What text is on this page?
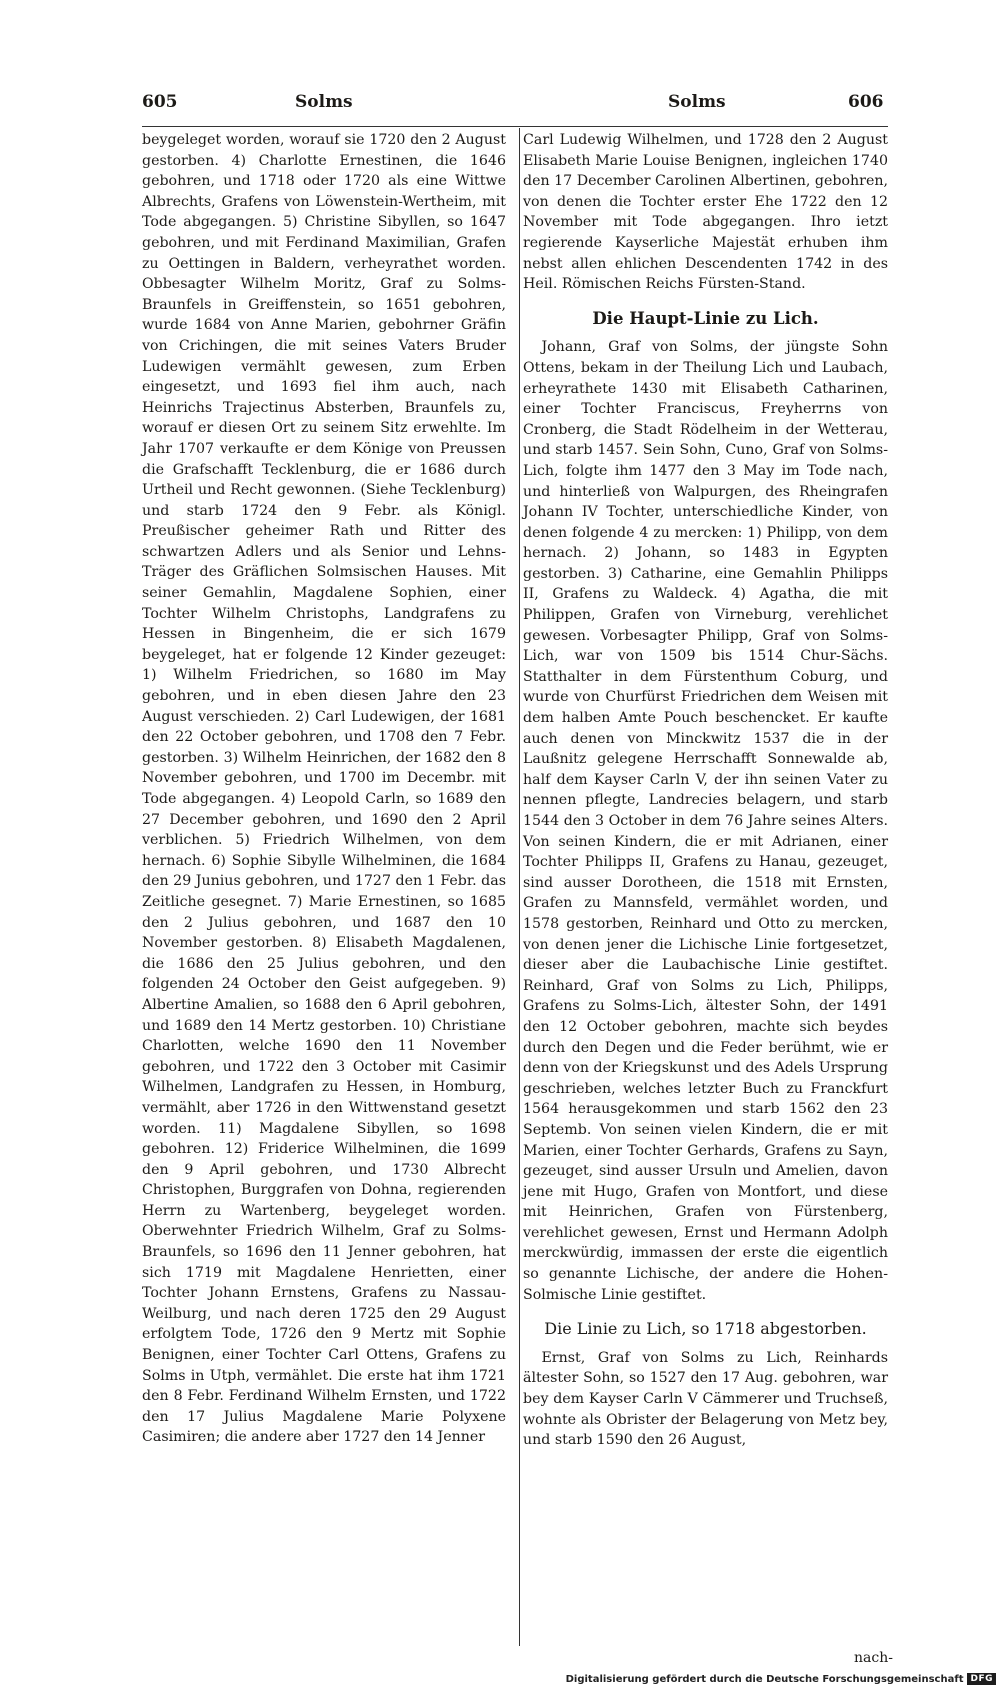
605	Solms	Solms	606

beygeleget worden, worauf sie 1720 den 2 August gestorben. 4) Charlotte Ernestinen, die 1646 gebohren, und 1718 oder 1720 als eine Wittwe Albrechts, Grafens von Löwenstein-Wertheim, mit Tode abgegangen. 5) Christine Sibyllen, so 1647 gebohren, und mit Ferdinand Maximilian, Grafen zu Oettingen in Baldern, verheyrathet worden. Obbesagter Wilhelm Moritz, Graf zu Solms-Braunfels in Greiffenstein, so 1651 gebohren, wurde 1684 von Anne Marien, gebohrner Gräfin von Crichingen, die mit seines Vaters Bruder Ludewigen vermählt gewesen, zum Erben eingesetzt, und 1693 fiel ihm auch, nach Heinrichs Trajectinus Absterben, Braunfels zu, worauf er diesen Ort zu seinem Sitz erwehlte. Im Jahr 1707 verkaufte er dem Könige von Preussen die Grafschafft Tecklenburg, die er 1686 durch Urtheil und Recht gewonnen. (Siehe Tecklenburg) und starb 1724 den 9 Febr. als Königl. Preußischer geheimer Rath und Ritter des schwartzen Adlers und als Senior und Lehns-Träger des Gräflichen Solmsischen Hauses. Mit seiner Gemahlin, Magdalene Sophien, einer Tochter Wilhelm Christophs, Landgrafens zu Hessen in Bingenheim, die er sich 1679 beygeleget, hat er folgende 12 Kinder gezeuget: 1) Wilhelm Friedrichen, so 1680 im May gebohren, und in eben diesen Jahre den 23 August verschieden. 2) Carl Ludewigen, der 1681 den 22 October gebohren, und 1708 den 7 Febr. gestorben. 3) Wilhelm Heinrichen, der 1682 den 8 November gebohren, und 1700 im Decembr. mit Tode abgegangen. 4) Leopold Carln, so 1689 den 27 December gebohren, und 1690 den 2 April verblichen. 5) Friedrich Wilhelmen, von dem hernach. 6) Sophie Sibylle Wilhelminen, die 1684 den 29 Junius gebohren, und 1727 den 1 Febr. das Zeitliche gesegnet. 7) Marie Ernestinen, so 1685 den 2 Julius gebohren, und 1687 den 10 November gestorben. 8) Elisabeth Magdalenen, die 1686 den 25 Julius gebohren, und den folgenden 24 October den Geist aufgegeben. 9) Albertine Amalien, so 1688 den 6 April gebohren, und 1689 den 14 Mertz gestorben. 10) Christiane Charlotten, welche 1690 den 11 November gebohren, und 1722 den 3 October mit Casimir Wilhelmen, Landgrafen zu Hessen, in Homburg, vermählt, aber 1726 in den Wittwenstand gesetzt worden. 11) Magdalene Sibyllen, so 1698 gebohren. 12) Friderice Wilhelminen, die 1699 den 9 April gebohren, und 1730 Albrecht Christophen, Burggrafen von Dohna, regierenden Herrn zu Wartenberg, beygeleget worden. Oberwehnter Friedrich Wilhelm, Graf zu Solms-Braunfels, so 1696 den 11 Jenner gebohren, hat sich 1719 mit Magdalene Henrietten, einer Tochter Johann Ernstens, Grafens zu Nassau-Weilburg, und nach deren 1725 den 29 August erfolgtem Tode, 1726 den 9 Mertz mit Sophie Benignen, einer Tochter Carl Ottens, Grafens zu Solms in Utph, vermählet. Die erste hat ihm 1721 den 8 Febr. Ferdinand Wilhelm Ernsten, und 1722 den 17 Julius Magdalene Marie Polyxene Casimiren; die andere aber 1727 den 14 Jenner

Carl Ludewig Wilhelmen, und 1728 den 2 August Elisabeth Marie Louise Benignen, ingleichen 1740 den 17 December Carolinen Albertinen, gebohren, von denen die Tochter erster Ehe 1722 den 12 November mit Tode abgegangen. Ihro ietzt regierende Kayserliche Majestät erhuben ihm nebst allen ehlichen Descendenten 1742 in des Heil. Römischen Reichs Fürsten-Stand.

Die Haupt-Linie zu Lich.

Johann, Graf von Solms, der jüngste Sohn Ottens, bekam in der Theilung Lich und Laubach, erheyrathete 1430 mit Elisabeth Catharinen, einer Tochter Franciscus, Freyherrns von Cronberg, die Stadt Rödelheim in der Wetterau, und starb 1457. Sein Sohn, Cuno, Graf von Solms-Lich, folgte ihm 1477 den 3 May im Tode nach, und hinterließ von Walpurgen, des Rheingrafen Johann IV Tochter, unterschiedliche Kinder, von denen folgende 4 zu mercken: 1) Philipp, von dem hernach. 2) Johann, so 1483 in Egypten gestorben. 3) Catharine, eine Gemahlin Philipps II, Grafens zu Waldeck. 4) Agatha, die mit Philippen, Grafen von Virneburg, verehlichet gewesen. Vorbesagter Philipp, Graf von Solms-Lich, war von 1509 bis 1514 Chur-Sächs. Statthalter in dem Fürstenthum Coburg, und wurde von Churfürst Friedrichen dem Weisen mit dem halben Amte Pouch beschencket. Er kaufte auch denen von Minckwitz 1537 die in der Laußnitz gelegene Herrschafft Sonnewalde ab, half dem Kayser Carln V, der ihn seinen Vater zu nennen pflegte, Landrecies belagern, und starb 1544 den 3 October in dem 76 Jahre seines Alters. Von seinen Kindern, die er mit Adrianen, einer Tochter Philipps II, Grafens zu Hanau, gezeuget, sind ausser Dorotheen, die 1518 mit Ernsten, Grafen zu Mannsfeld, vermählet worden, und 1578 gestorben, Reinhard und Otto zu mercken, von denen jener die Lichische Linie fortgesetzet, dieser aber die Laubachische Linie gestiftet. Reinhard, Graf von Solms zu Lich, Philipps, Grafens zu Solms-Lich, ältester Sohn, der 1491 den 12 October gebohren, machte sich beydes durch den Degen und die Feder berühmt, wie er denn von der Kriegskunst und des Adels Ursprung geschrieben, welches letzter Buch zu Franckfurt 1564 herausgekommen und starb 1562 den 23 Septemb. Von seinen vielen Kindern, die er mit Marien, einer Tochter Gerhards, Grafens zu Sayn, gezeuget, sind ausser Ursuln und Amelien, davon jene mit Hugo, Grafen von Montfort, und diese mit Heinrichen, Grafen von Fürstenberg, verehlichet gewesen, Ernst und Hermann Adolph merckwürdig, immassen der erste die eigentlich so genannte Lichische, der andere die Hohen-Solmische Linie gestiftet.

Die Linie zu Lich, so 1718 abgestorben.

Ernst, Graf von Solms zu Lich, Reinhards ältester Sohn, so 1527 den 17 Aug. gebohren, war bey dem Kayser Carln V Cämmerer und Truchseß, wohnte als Obrister der Belagerung von Metz bey, und starb 1590 den 26 August,

nach-
Digitalisierung gefördert durch die Deutsche Forschungsgemeinschaft DFG
